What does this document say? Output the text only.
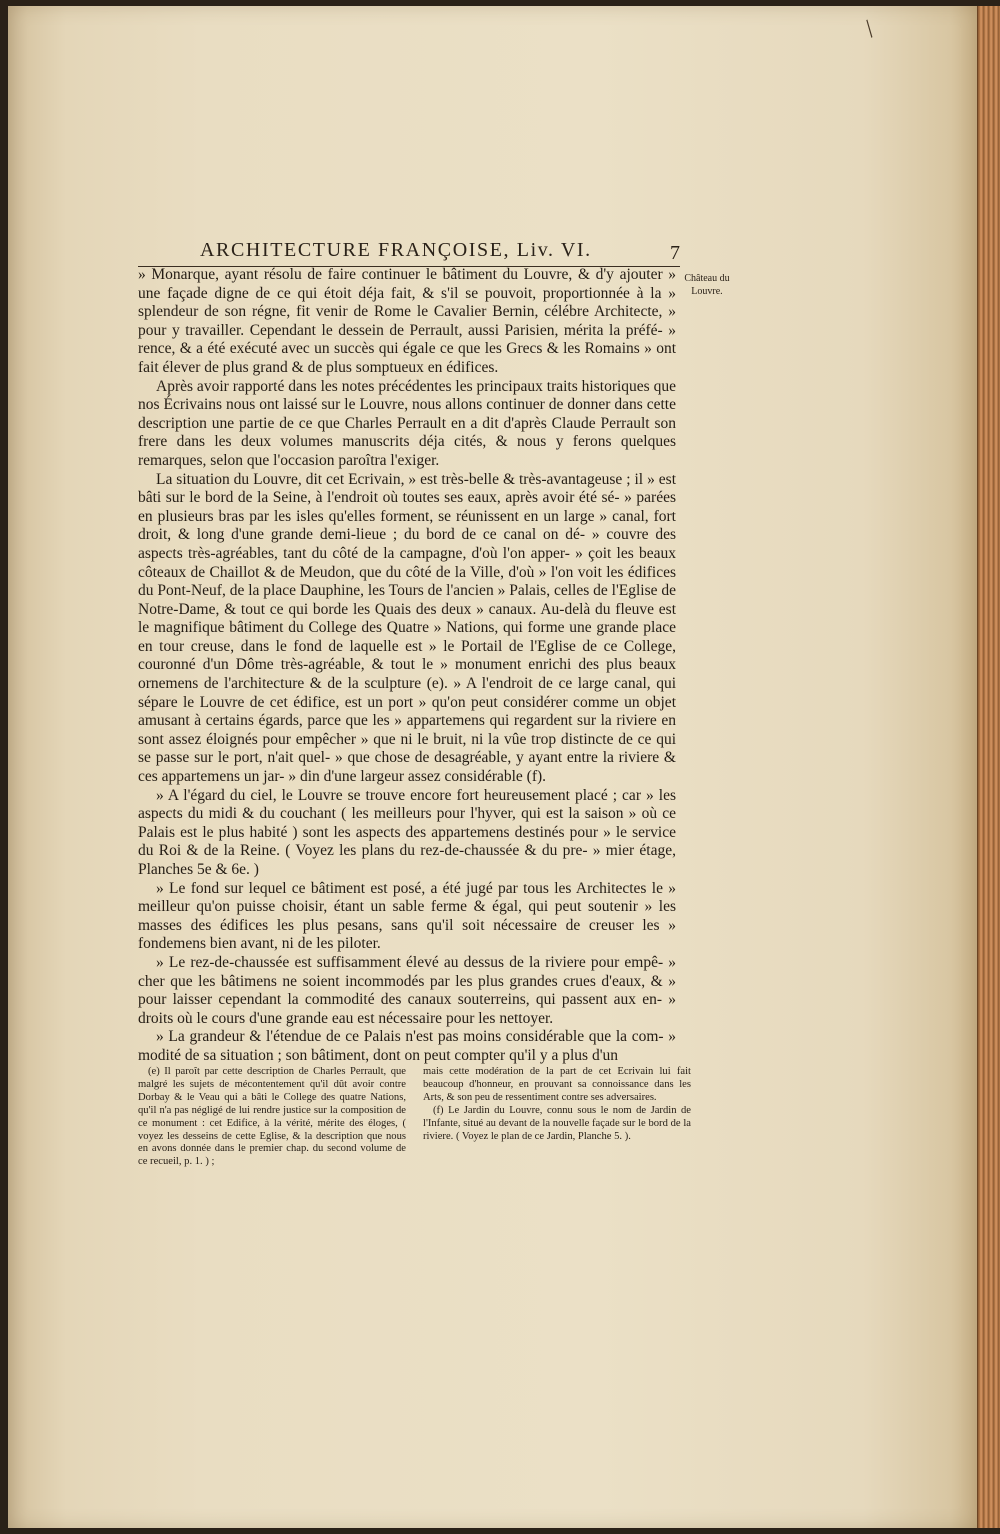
/
ARCHITECTURE FRANÇOISE, Liv. VI.	7
Château du Louvre.

» Monarque, ayant résolu de faire continuer le bâtiment du Louvre, & d'y ajouter » une façade digne de ce qui étoit déja fait, & s'il se pouvoit, proportionnée à la » splendeur de son régne, fit venir de Rome le Cavalier Bernin, célébre Architecte, » pour y travailler. Cependant le dessein de Perrault, aussi Parisien, mérita la préfé- » rence, & a été exécuté avec un succès qui égale ce que les Grecs & les Romains » ont fait élever de plus grand & de plus somptueux en édifices.

Après avoir rapporté dans les notes précédentes les principaux traits historiques que nos Écrivains nous ont laissé sur le Louvre, nous allons continuer de donner dans cette description une partie de ce que Charles Perrault en a dit d'après Claude Perrault son frere dans les deux volumes manuscrits déja cités, & nous y ferons quelques remarques, selon que l'occasion paroîtra l'exiger.

La situation du Louvre, dit cet Ecrivain, » est très-belle & très-avantageuse ; il » est bâti sur le bord de la Seine, à l'endroit où toutes ses eaux, après avoir été sé- » parées en plusieurs bras par les isles qu'elles forment, se réunissent en un large » canal, fort droit, & long d'une grande demi-lieue ; du bord de ce canal on dé- » couvre des aspects très-agréables, tant du côté de la campagne, d'où l'on apper- » çoit les beaux côteaux de Chaillot & de Meudon, que du côté de la Ville, d'où » l'on voit les édifices du Pont-Neuf, de la place Dauphine, les Tours de l'ancien » Palais, celles de l'Eglise de Notre-Dame, & tout ce qui borde les Quais des deux » canaux. Au-delà du fleuve est le magnifique bâtiment du College des Quatre » Nations, qui forme une grande place en tour creuse, dans le fond de laquelle est » le Portail de l'Eglise de ce College, couronné d'un Dôme très-agréable, & tout le » monument enrichi des plus beaux ornemens de l'architecture & de la sculpture (e). » A l'endroit de ce large canal, qui sépare le Louvre de cet édifice, est un port » qu'on peut considérer comme un objet amusant à certains égards, parce que les » appartemens qui regardent sur la riviere en sont assez éloignés pour empêcher » que ni le bruit, ni la vûe trop distincte de ce qui se passe sur le port, n'ait quel- » que chose de desagréable, y ayant entre la riviere & ces appartemens un jar- » din d'une largeur assez considérable (f).

» A l'égard du ciel, le Louvre se trouve encore fort heureusement placé ; car » les aspects du midi & du couchant ( les meilleurs pour l'hyver, qui est la saison » où ce Palais est le plus habité ) sont les aspects des appartemens destinés pour » le service du Roi & de la Reine. ( Voyez les plans du rez-de-chaussée & du pre- » mier étage, Planches 5e & 6e. )

» Le fond sur lequel ce bâtiment est posé, a été jugé par tous les Architectes le » meilleur qu'on puisse choisir, étant un sable ferme & égal, qui peut soutenir » les masses des édifices les plus pesans, sans qu'il soit nécessaire de creuser les » fondemens bien avant, ni de les piloter.

» Le rez-de-chaussée est suffisamment élevé au dessus de la riviere pour empê- » cher que les bâtimens ne soient incommodés par les plus grandes crues d'eaux, & » pour laisser cependant la commodité des canaux souterreins, qui passent aux en- » droits où le cours d'une grande eau est nécessaire pour les nettoyer.

» La grandeur & l'étendue de ce Palais n'est pas moins considérable que la com- » modité de sa situation ; son bâtiment, dont on peut compter qu'il y a plus d'un

(e) Il paroît par cette description de Charles Perrault, que malgré les sujets de mécontentement qu'il dût avoir contre Dorbay & le Veau qui a bâti le College des quatre Nations, qu'il n'a pas négligé de lui rendre justice sur la composition de ce monument : cet Edifice, à la vérité, mérite des éloges, ( voyez les desseins de cette Eglise, & la description que nous en avons donnée dans le premier chap. du second volume de ce recueil, p. 1. ) ;

mais cette modération de la part de cet Ecrivain lui fait beaucoup d'honneur, en prouvant sa connoissance dans les Arts, & son peu de ressentiment contre ses adversaires.

(f) Le Jardin du Louvre, connu sous le nom de Jardin de l'Infante, situé au devant de la nouvelle façade sur le bord de la riviere. ( Voyez le plan de ce Jardin, Planche 5. ).
